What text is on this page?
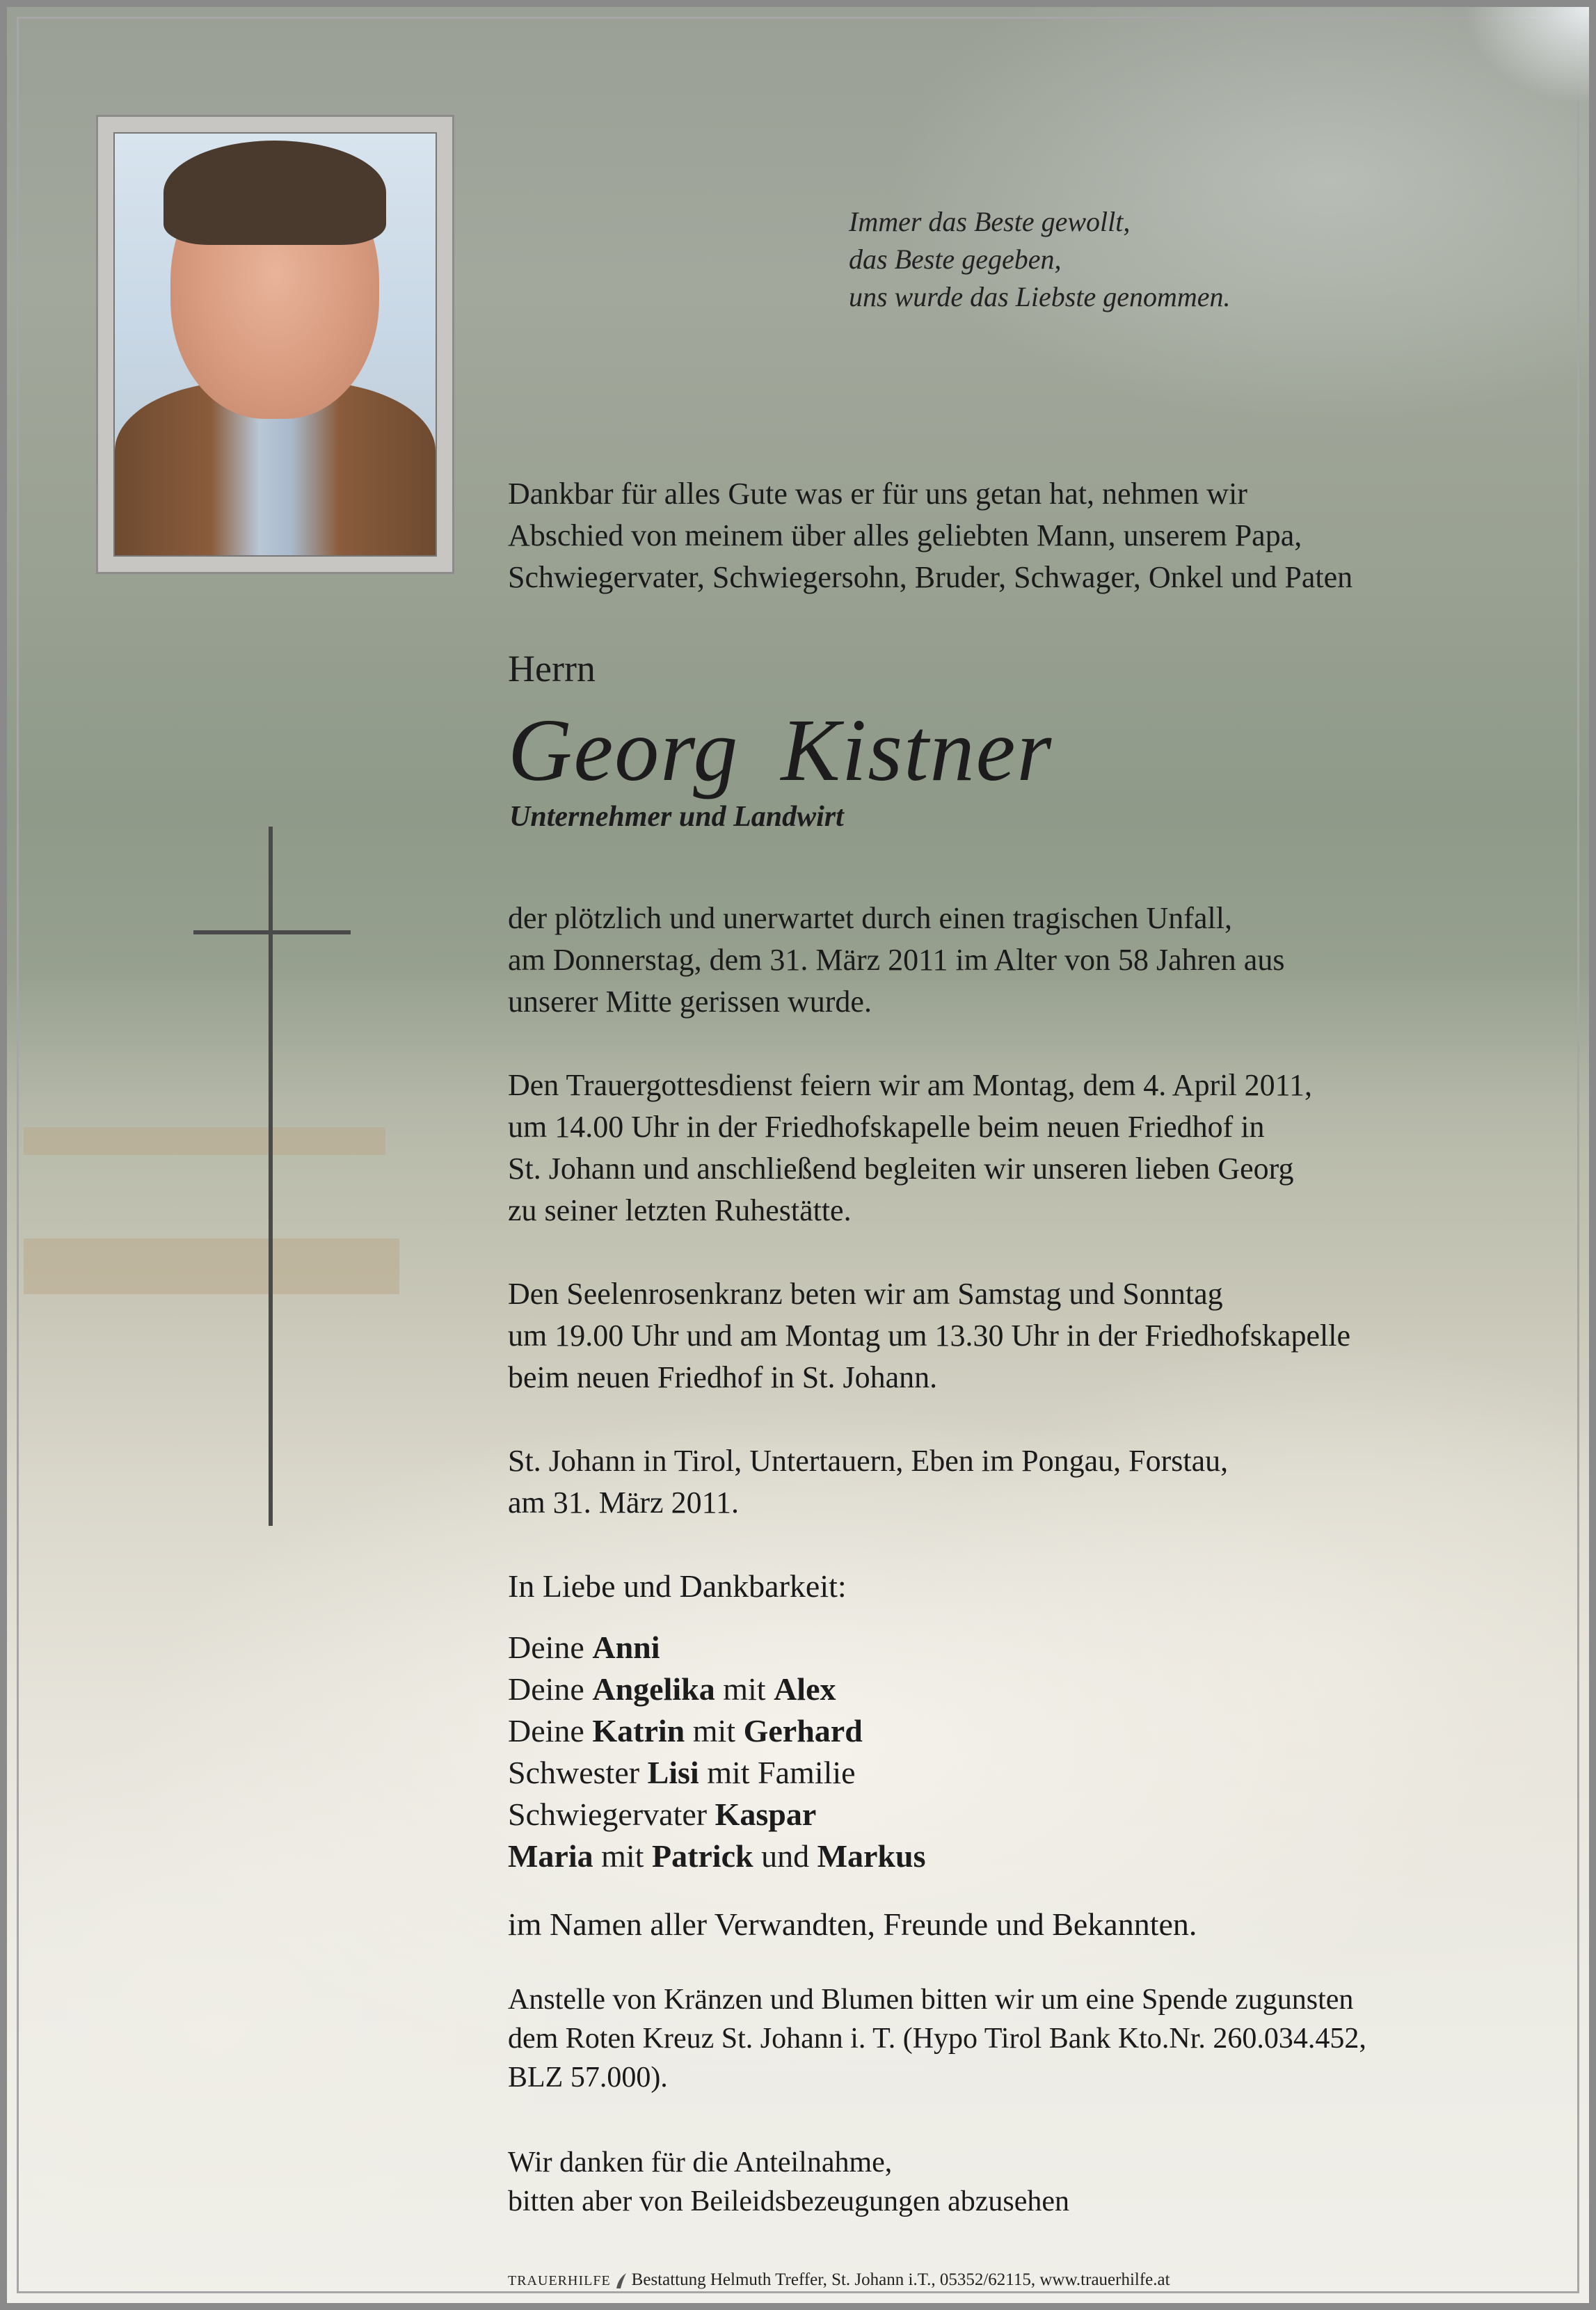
Immer das Beste gewollt,
das Beste gegeben,
uns wurde das Liebste genommen.
Dankbar für alles Gute was er für uns getan hat, nehmen wir
Abschied von meinem über alles geliebten Mann, unserem Papa,
Schwiegervater, Schwiegersohn, Bruder, Schwager, Onkel und Paten
Herrn
Georg Kistner
Unternehmer und Landwirt
der plötzlich und unerwartet durch einen tragischen Unfall,
am Donnerstag, dem 31. März 2011 im Alter von 58 Jahren aus
unserer Mitte gerissen wurde.
Den Trauergottesdienst feiern wir am Montag, dem 4. April 2011,
um 14.00 Uhr in der Friedhofskapelle beim neuen Friedhof in
St. Johann und anschließend begleiten wir unseren lieben Georg
zu seiner letzten Ruhestätte.
Den Seelenrosenkranz beten wir am Samstag und Sonntag
um 19.00 Uhr und am Montag um 13.30 Uhr in der Friedhofskapelle
beim neuen Friedhof in St. Johann.
St. Johann in Tirol, Untertauern, Eben im Pongau, Forstau,
am 31. März 2011.
In Liebe und Dankbarkeit:
Deine Anni
Deine Angelika mit Alex
Deine Katrin mit Gerhard
Schwester Lisi mit Familie
Schwiegervater Kaspar
Maria mit Patrick und Markus
im Namen aller Verwandten, Freunde und Bekannten.
Anstelle von Kränzen und Blumen bitten wir um eine Spende zugunsten
dem Roten Kreuz St. Johann i. T. (Hypo Tirol Bank Kto.Nr. 260.034.452,
BLZ 57.000).
Wir danken für die Anteilnahme,
bitten aber von Beileidsbezeugungen abzusehen
TRAUERHILFE Bestattung Helmuth Treffer, St. Johann i.T., 05352/62115, www.trauerhilfe.at
